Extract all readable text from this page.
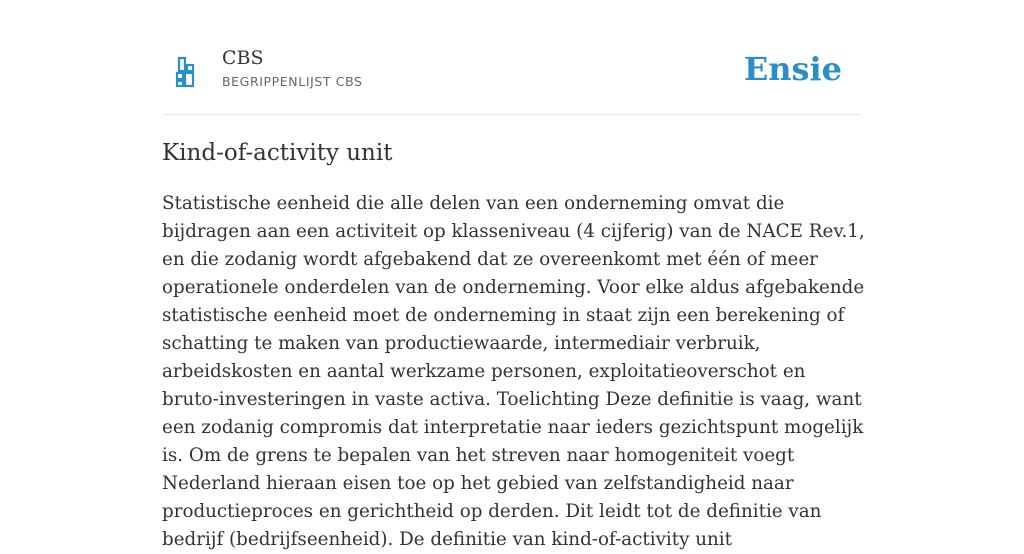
CBS
BEGRIPPENLIJST CBS	Ensie
Kind-of-activity unit

Statistische eenheid die alle delen van een onderneming omvat die bijdragen aan een activiteit op klasseniveau (4 cijferig) van de NACE Rev.1, en die zodanig wordt afgebakend dat ze overeenkomt met één of meer operationele onderdelen van de onderneming. Voor elke aldus afgebakende statistische eenheid moet de onderneming in staat zijn een berekening of schatting te maken van productiewaarde, intermediair verbruik, arbeidskosten en aantal werkzame personen, exploitatieoverschot en bruto-investeringen in vaste activa. Toelichting Deze definitie is vaag, want een zodanig compromis dat interpretatie naar ieders gezichtspunt mogelijk is. Om de grens te bepalen van het streven naar homogeniteit voegt Nederland hieraan eisen toe op het gebied van zelfstandigheid naar productieproces en gerichtheid op derden. Dit leidt tot de definitie van bedrijf (bedrijfseenheid). De definitie van kind-of-activity unit
